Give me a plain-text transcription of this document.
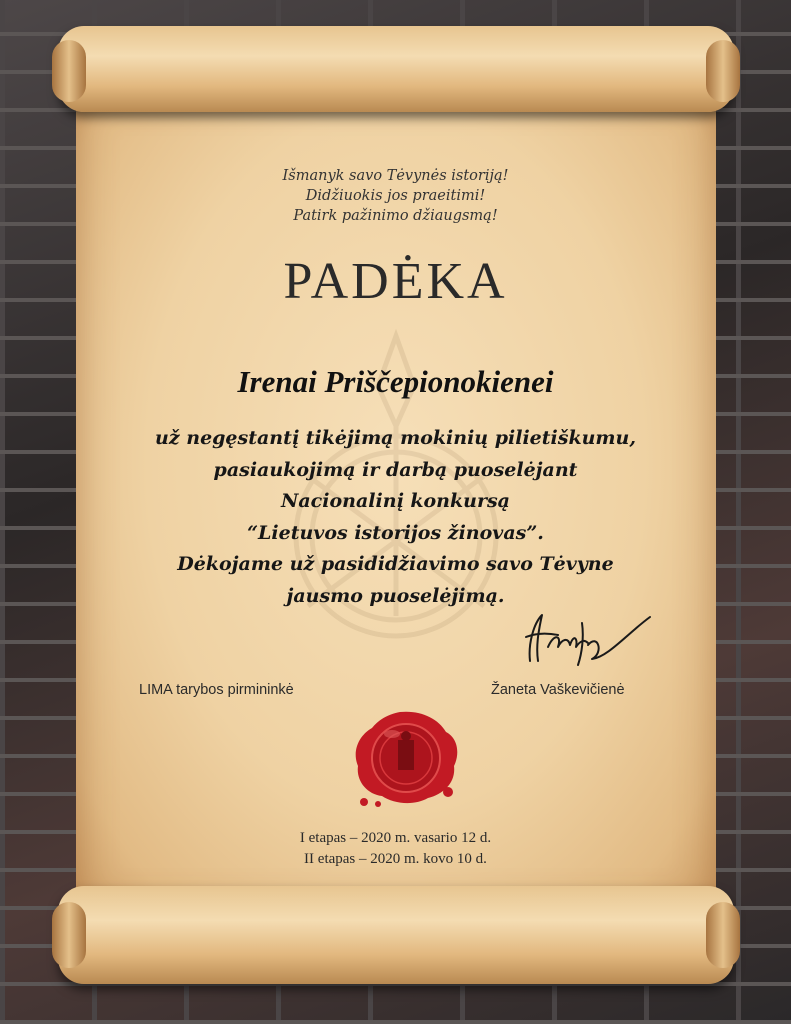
Išmanyk savo Tėvynės istoriją!
Didžiuokis jos praeitimi!
Patirk pažinimo džiaugsmą!
PADĖKA
Irenai Priščepionokienei
už negęstantį tikėjimą mokinių pilietiškumu,
pasiaukojimą ir darbą puoselėjant
Nacionalinį konkursą
“Lietuvos istorijos žinovas”.
Dėkojame už pasididžiavimo savo Tėvyne
jausmo puoselėjimą.
LIMA tarybos pirmininkė	Žaneta Vaškevičienė
I etapas – 2020 m. vasario 12 d.
II etapas – 2020 m. kovo 10 d.
